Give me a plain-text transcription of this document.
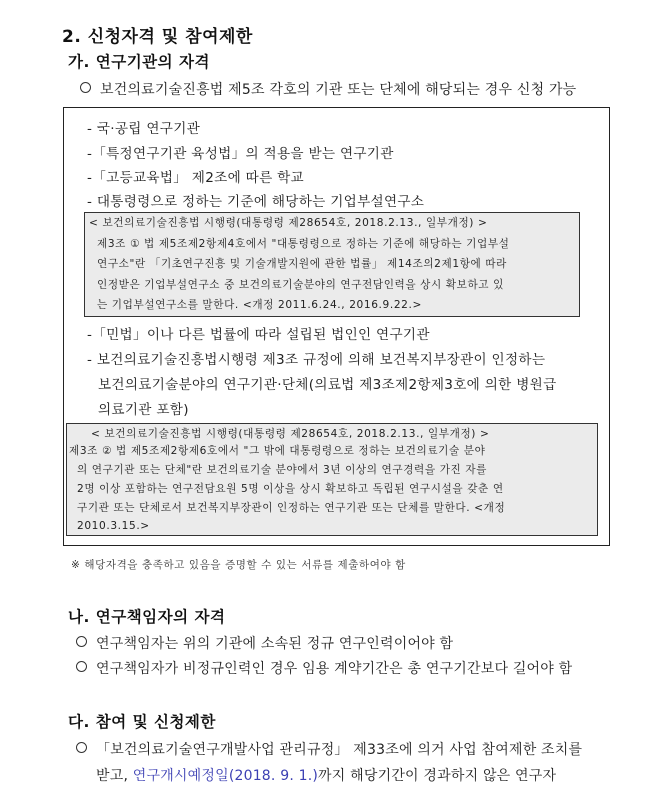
2. 신청자격 및 참여제한
가. 연구기관의 자격
보건의료기술진흥법 제5조 각호의 기관 또는 단체에 해당되는 경우 신청 가능
- 국·공립 연구기관
-「특정연구기관 육성법」의 적용을 받는 연구기관
-「고등교육법」 제2조에 따른 학교
- 대통령령으로 정하는 기준에 해당하는 기업부설연구소
< 보건의료기술진흥법 시행령(대통령령 제28654호, 2018.2.13., 일부개정) >
제3조 ① 법 제5조제2항제4호에서 "대통령령으로 정하는 기준에 해당하는 기업부설
연구소"란 「기초연구진흥 및 기술개발지원에 관한 법률」 제14조의2제1항에 따라
인정받은 기업부설연구소 중 보건의료기술분야의 연구전담인력을 상시 확보하고 있
는 기업부설연구소를 말한다. <개정 2011.6.24., 2016.9.22.>
-「민법」이나 다른 법률에 따라 설립된 법인인 연구기관
- 보건의료기술진흥법시행령 제3조 규정에 의해 보건복지부장관이 인정하는
보건의료기술분야의 연구기관·단체(의료법 제3조제2항제3호에 의한 병원급
의료기관 포함)
< 보건의료기술진흥법 시행령(대통령령 제28654호, 2018.2.13., 일부개정) >
제3조 ② 법 제5조제2항제6호에서 "그 밖에 대통령령으로 정하는 보건의료기술 분야
의 연구기관 또는 단체"란 보건의료기술 분야에서 3년 이상의 연구경력을 가진 자를
2명 이상 포함하는 연구전담요원 5명 이상을 상시 확보하고 독립된 연구시설을 갖춘 연
구기관 또는 단체로서 보건복지부장관이 인정하는 연구기관 또는 단체를 말한다. <개정
2010.3.15.>
※ 해당자격을 충족하고 있음을 증명할 수 있는 서류를 제출하여야 함
나. 연구책임자의 자격
연구책임자는 위의 기관에 소속된 정규 연구인력이어야 함
연구책임자가 비정규인력인 경우 임용 계약기간은 총 연구기간보다 길어야 함
다. 참여 및 신청제한
「보건의료기술연구개발사업 관리규정」 제33조에 의거 사업 참여제한 조치를
받고, 연구개시예정일(2018. 9. 1.)까지 해당기간이 경과하지 않은 연구자
